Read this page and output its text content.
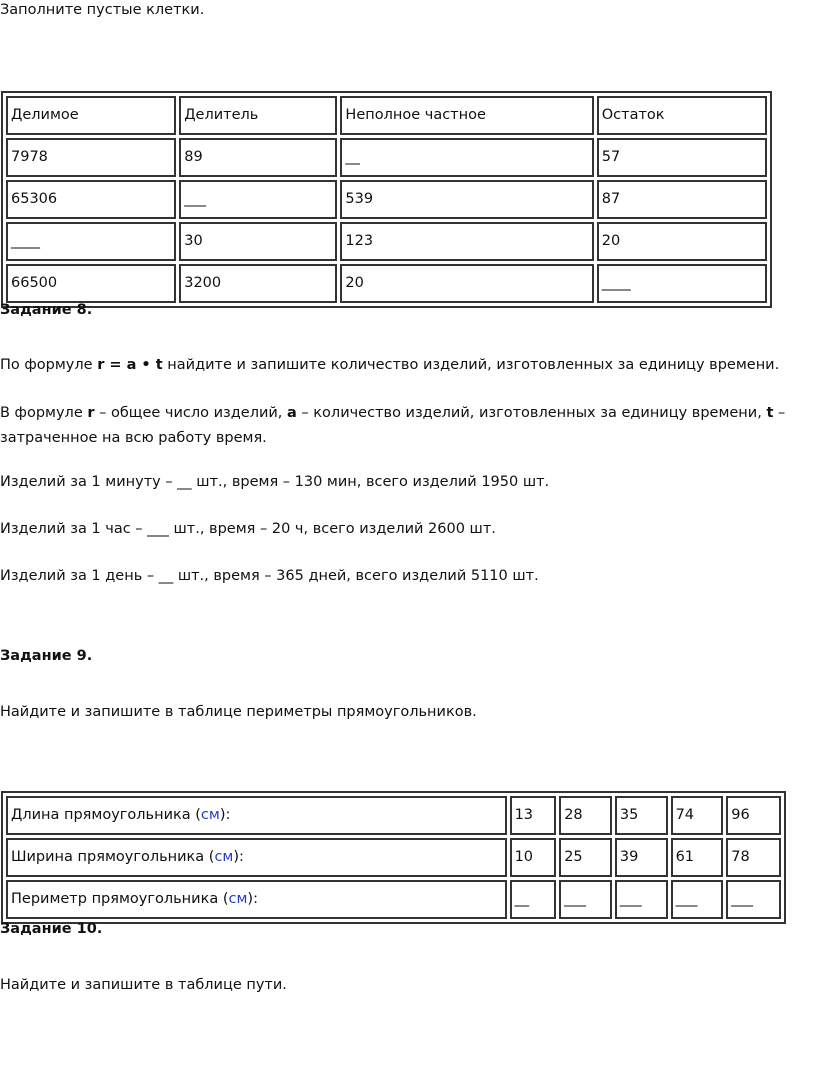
Заполните пустые клетки.
Делимое	Делитель	Неполное частное	Остаток
7978	89	__	57
65306	___	539	87
____	30	123	20
66500	3200	20	____
Задание 8.
По формуле r = a • t найдите и запишите количество изделий, изготовленных за единицу времени.
В формуле r – общее число изделий, a – количество изделий, изготовленных за единицу времени, t –
затраченное на всю работу время.
Изделий за 1 минуту – __ шт., время – 130 мин, всего изделий 1950 шт.
Изделий за 1 час – ___ шт., время – 20 ч, всего изделий 2600 шт.
Изделий за 1 день – __ шт., время – 365 дней, всего изделий 5110 шт.
Задание 9.
Найдите и запишите в таблице периметры прямоугольников.
Длина прямоугольника (см):	13	28	35	74	96
Ширина прямоугольника (см):	10	25	39	61	78
Периметр прямоугольника (см):	__	___	___	___	___
Задание 10.
Найдите и запишите в таблице пути.
